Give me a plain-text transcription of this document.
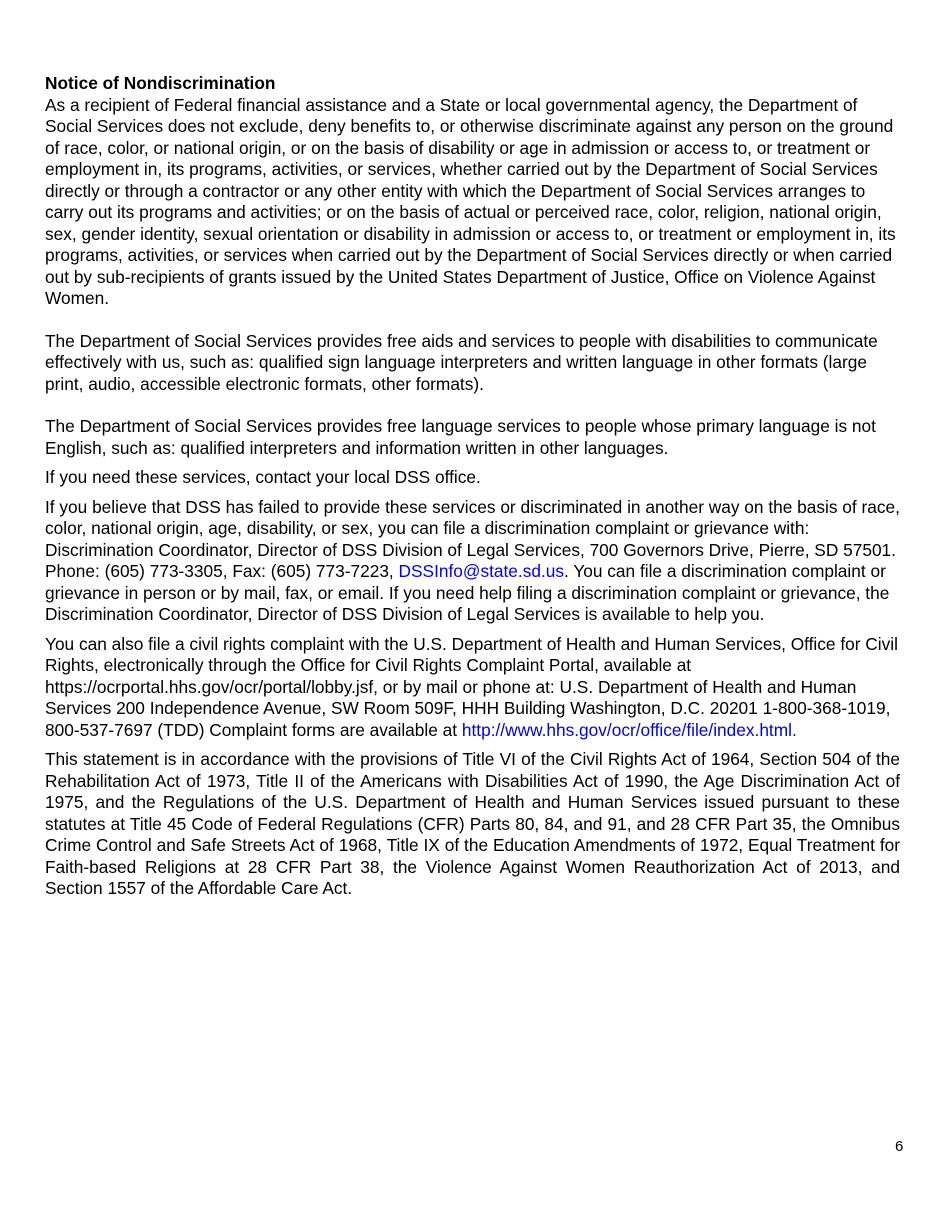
Notice of Nondiscrimination

As a recipient of Federal financial assistance and a State or local governmental agency, the Department of Social Services does not exclude, deny benefits to, or otherwise discriminate against any person on the ground of race, color, or national origin, or on the basis of disability or age in admission or access to, or treatment or employment in, its programs, activities, or services, whether carried out by the Department of Social Services directly or through a contractor or any other entity with which the Department of Social Services arranges to carry out its programs and activities; or on the basis of actual or perceived race, color, religion, national origin, sex, gender identity, sexual orientation or disability in admission or access to, or treatment or employment in, its programs, activities, or services when carried out by the Department of Social Services directly or when carried out by sub-recipients of grants issued by the United States Department of Justice, Office on Violence Against Women.

The Department of Social Services provides free aids and services to people with disabilities to communicate effectively with us, such as: qualified sign language interpreters and written language in other formats (large print, audio, accessible electronic formats, other formats).

The Department of Social Services provides free language services to people whose primary language is not English, such as: qualified interpreters and information written in other languages.

If you need these services, contact your local DSS office.

If you believe that DSS has failed to provide these services or discriminated in another way on the basis of race, color, national origin, age, disability, or sex, you can file a discrimination complaint or grievance with: Discrimination Coordinator, Director of DSS Division of Legal Services, 700 Governors Drive, Pierre, SD 57501. Phone: (605) 773-3305, Fax: (605) 773-7223, DSSInfo@state.sd.us. You can file a discrimination complaint or grievance in person or by mail, fax, or email. If you need help filing a discrimination complaint or grievance, the Discrimination Coordinator, Director of DSS Division of Legal Services is available to help you.

You can also file a civil rights complaint with the U.S. Department of Health and Human Services, Office for Civil Rights, electronically through the Office for Civil Rights Complaint Portal, available at https://ocrportal.hhs.gov/ocr/portal/lobby.jsf, or by mail or phone at: U.S. Department of Health and Human Services 200 Independence Avenue, SW Room 509F, HHH Building Washington, D.C. 20201 1-800-368-1019, 800-537-7697 (TDD) Complaint forms are available at http://www.hhs.gov/ocr/office/file/index.html.

This statement is in accordance with the provisions of Title VI of the Civil Rights Act of 1964, Section 504 of the Rehabilitation Act of 1973, Title II of the Americans with Disabilities Act of 1990, the Age Discrimination Act of 1975, and the Regulations of the U.S. Department of Health and Human Services issued pursuant to these statutes at Title 45 Code of Federal Regulations (CFR) Parts 80, 84, and 91, and 28 CFR Part 35, the Omnibus Crime Control and Safe Streets Act of 1968, Title IX of the Education Amendments of 1972, Equal Treatment for Faith-based Religions at 28 CFR Part 38, the Violence Against Women Reauthorization Act of 2013, and Section 1557 of the Affordable Care Act.

6
